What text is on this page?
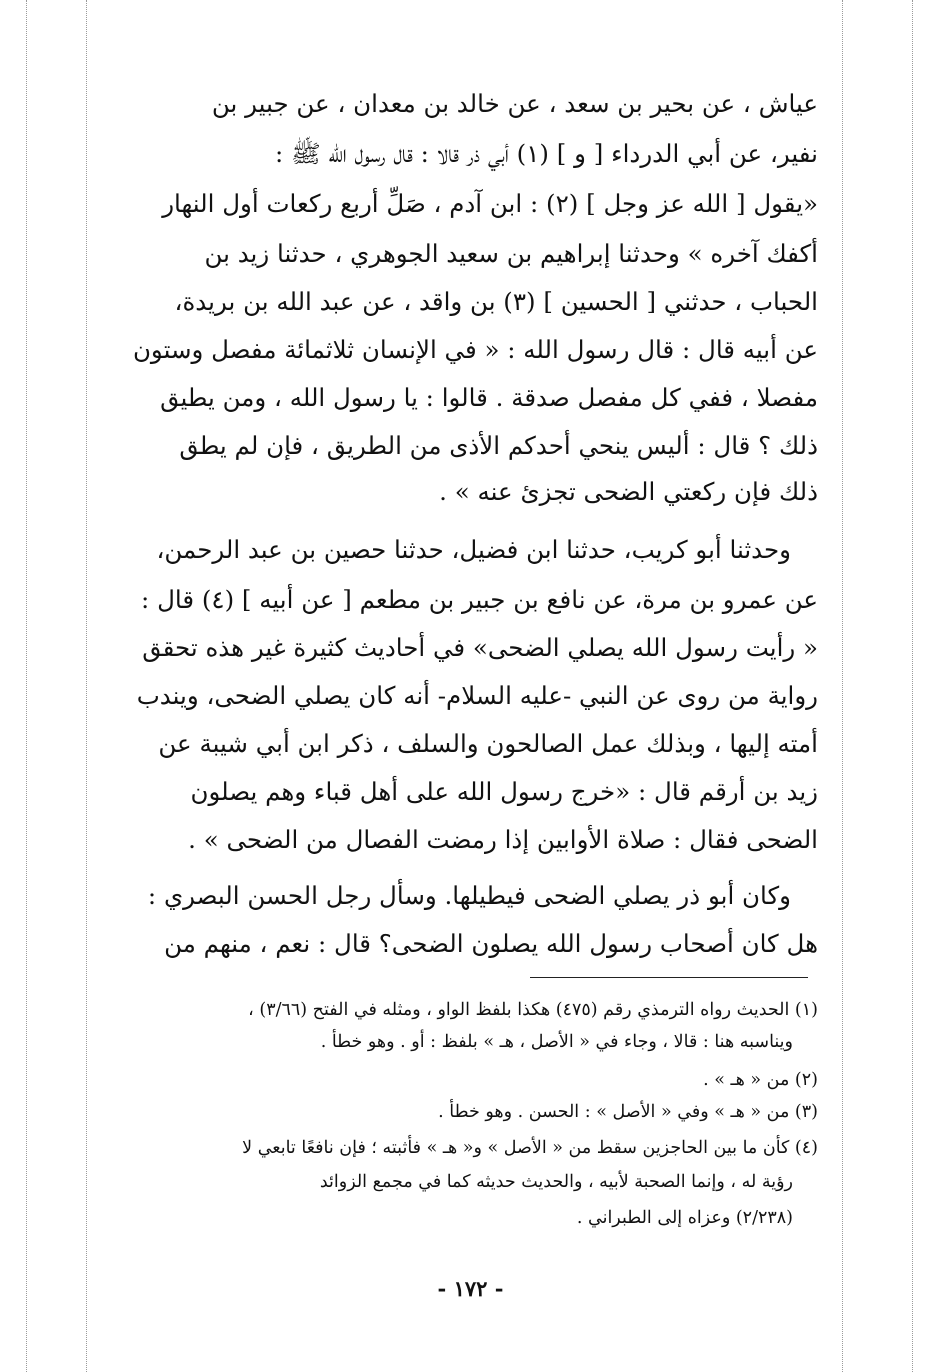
عياش ، عن بحير بن سعد ، عن خالد بن معدان ، عن جبير بن
نفير، عن أبي الدرداء [ و ] (١) أبي ذر قالا : قال رسول الله ﷺ :
«يقول [ الله عز وجل ] (٢) : ابن آدم ، صَلِّ أربع ركعات أول النهار
أكفك آخره » وحدثنا إبراهيم بن سعيد الجوهري ، حدثنا زيد بن
الحباب ، حدثني [ الحسين ] (٣) بن واقد ، عن عبد الله بن بريدة،
عن أبيه قال : قال رسول الله : « في الإنسان ثلاثمائة مفصل وستون
مفصلا ، ففي كل مفصل صدقة . قالوا : يا رسول الله ، ومن يطيق
ذلك ؟ قال : أليس ينحي أحدكم الأذى من الطريق ، فإن لم يطق
ذلك فإن ركعتي الضحى تجزئ عنه » .
وحدثنا أبو كريب، حدثنا ابن فضيل، حدثنا حصين بن عبد الرحمن،
عن عمرو بن مرة، عن نافع بن جبير بن مطعم [ عن أبيه ] (٤) قال :
« رأيت رسول الله يصلي الضحى» في أحاديث كثيرة غير هذه تحقق
رواية من روى عن النبي -عليه السلام- أنه كان يصلي الضحى، ويندب
أمته إليها ، وبذلك عمل الصالحون والسلف ، ذكر ابن أبي شيبة عن
زيد بن أرقم قال : «خرج رسول الله على أهل قباء وهم يصلون
الضحى فقال : صلاة الأوابين إذا رمضت الفصال من الضحى » .
وكان أبو ذر يصلي الضحى فيطيلها. وسأل رجل الحسن البصري :
هل كان أصحاب رسول الله يصلون الضحى؟ قال : نعم ، منهم من
(١) الحديث رواه الترمذي رقم (٤٧٥) هكذا بلفظ الواو ، ومثله في الفتح (٣/٦٦) ،
ويناسبه هنا : قالا ، وجاء في « الأصل ، هـ » بلفظ : أو . وهو خطأ .
(٢) من « هـ » .
(٣) من « هـ » وفي « الأصل » : الحسن . وهو خطأ .
(٤) كأن ما بين الحاجزين سقط من « الأصل » و« هـ » فأثبته ؛ فإن نافعًا تابعي لا
رؤية له ، وإنما الصحبة لأبيه ، والحديث حديثه كما في مجمع الزوائد
(٢/٢٣٨) وعزاه إلى الطبراني .
- ١٧٢ -
